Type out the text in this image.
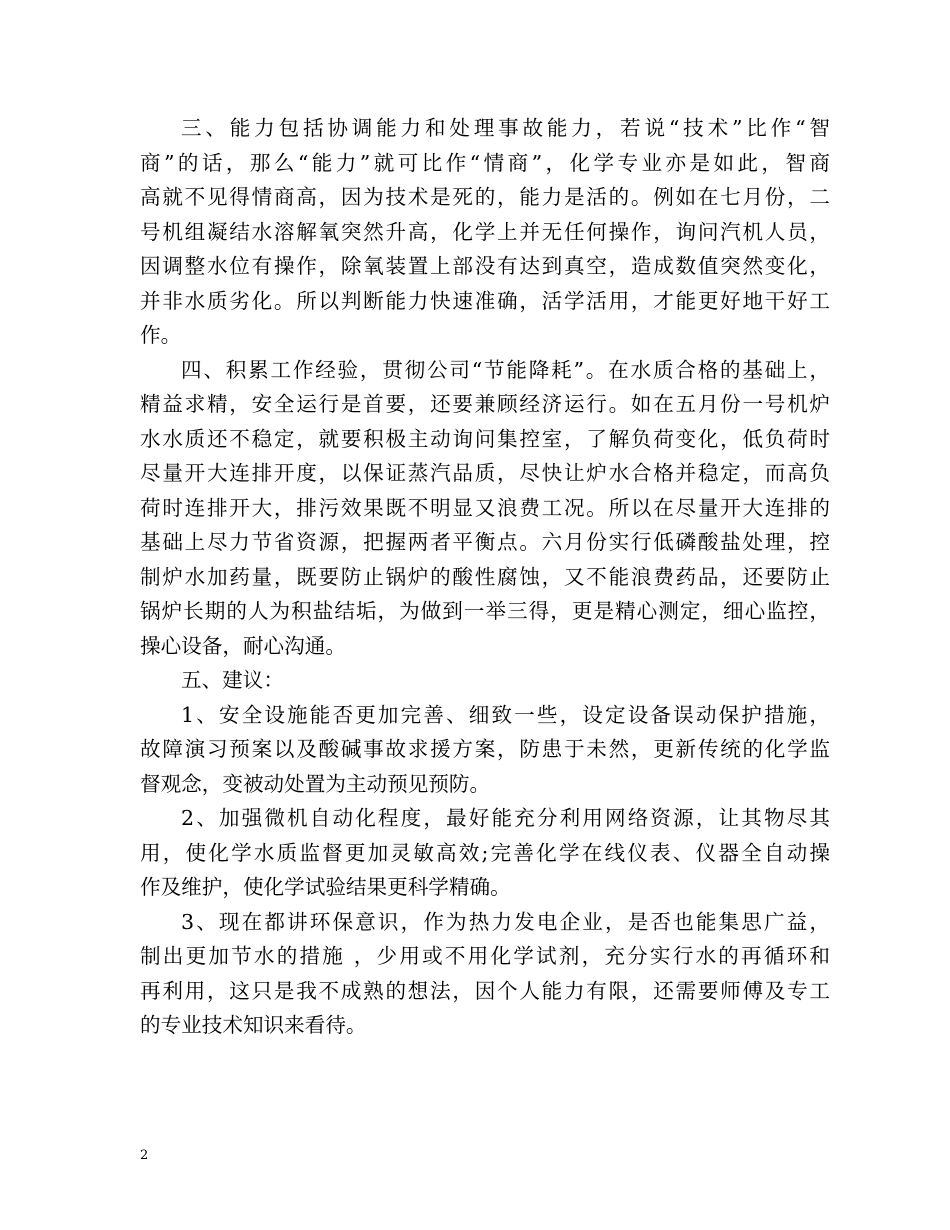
三、能力包括协调能力和处理事故能力，若说“技术”比作“智
商”的话，那么“能力”就可比作“情商”，化学专业亦是如此，智商
高就不见得情商高，因为技术是死的，能力是活的。例如在七月份，二
号机组凝结水溶解氧突然升高，化学上并无任何操作，询问汽机人员，
因调整水位有操作，除氧装置上部没有达到真空，造成数值突然变化，
并非水质劣化。所以判断能力快速准确，活学活用，才能更好地干好工
作。
四、积累工作经验，贯彻公司“节能降耗”。在水质合格的基础上，
精益求精，安全运行是首要，还要兼顾经济运行。如在五月份一号机炉
水水质还不稳定，就要积极主动询问集控室，了解负荷变化，低负荷时
尽量开大连排开度，以保证蒸汽品质，尽快让炉水合格并稳定，而高负
荷时连排开大，排污效果既不明显又浪费工况。所以在尽量开大连排的
基础上尽力节省资源，把握两者平衡点。六月份实行低磷酸盐处理，控
制炉水加药量，既要防止锅炉的酸性腐蚀，又不能浪费药品，还要防止
锅炉长期的人为积盐结垢，为做到一举三得，更是精心测定，细心监控，
操心设备，耐心沟通。
五、建议：
1、安全设施能否更加完善、细致一些，设定设备误动保护措施，
故障演习预案以及酸碱事故求援方案，防患于未然，更新传统的化学监
督观念，变被动处置为主动预见预防。
2、加强微机自动化程度，最好能充分利用网络资源，让其物尽其
用，使化学水质监督更加灵敏高效;完善化学在线仪表、仪器全自动操
作及维护，使化学试验结果更科学精确。
3、现在都讲环保意识，作为热力发电企业，是否也能集思广益，
制出更加节水的措施 ，少用或不用化学试剂，充分实行水的再循环和
再利用，这只是我不成熟的想法，因个人能力有限，还需要师傅及专工
的专业技术知识来看待。
2
